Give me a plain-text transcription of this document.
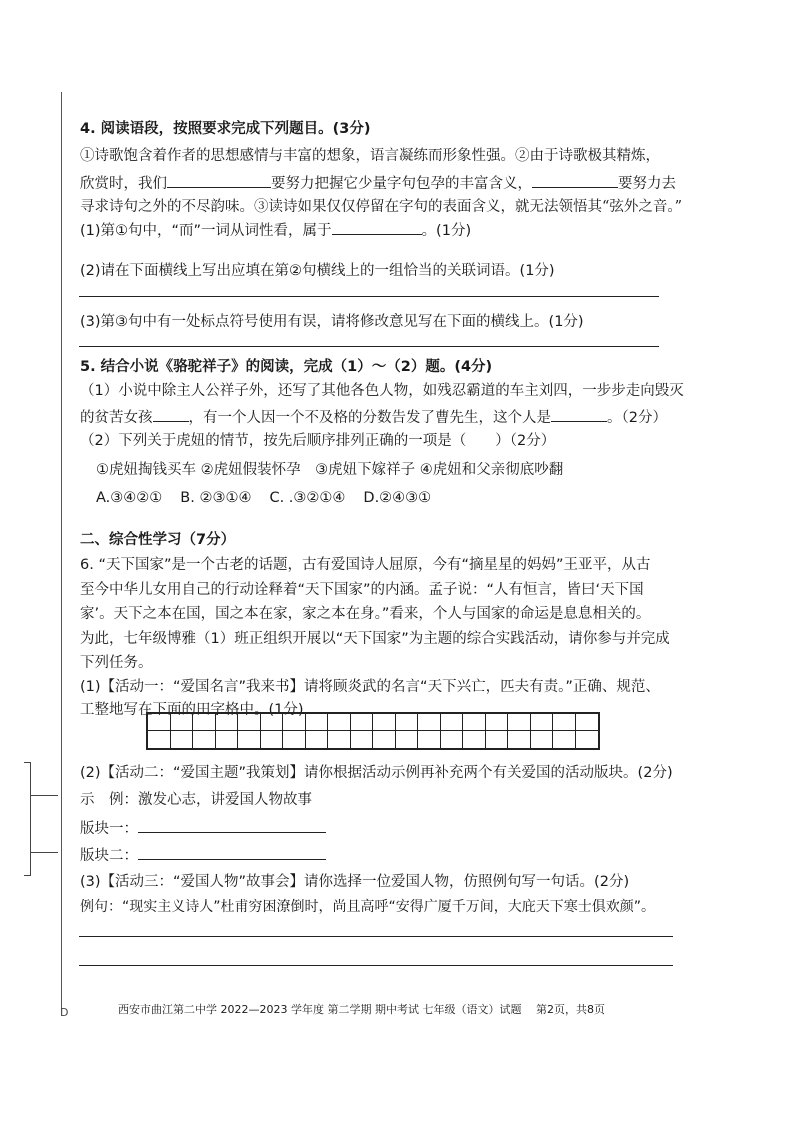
4. 阅读语段，按照要求完成下列题目。(3分)
①诗歌饱含着作者的思想感情与丰富的想象，语言凝练而形象性强。②由于诗歌极其精炼，
欣赏时，我们	要努力把握它少量字句包孕的丰富含义，	要努力去
寻求诗句之外的不尽韵味。③读诗如果仅仅停留在字句的表面含义，就无法领悟其“弦外之音。”
(1)第①句中，“而”一词从词性看，属于	。(1分)
(2)请在下面横线上写出应填在第②句横线上的一组恰当的关联词语。(1分)
(3)第③句中有一处标点符号使用有误，请将修改意见写在下面的横线上。(1分)
5. 结合小说《骆驼祥子》的阅读，完成（1）～（2）题。(4分)
（1）小说中除主人公祥子外，还写了其他各色人物，如残忍霸道的车主刘四，一步步走向毁灭
的贫苦女孩 ，有一个人因一个不及格的分数告发了曹先生，这个人是	。（2分）
（2）下列关于虎妞的情节，按先后顺序排列正确的一项是（　　）（2分）
①虎妞掏钱买车 ②虎妞假装怀孕　③虎妞下嫁祥子 ④虎妞和父亲彻底吵翻
A.③④②① B. ②③①④ C. .③②①④ D.②④③①
二、综合性学习（7分）
6. “天下国家”是一个古老的话题，古有爱国诗人屈原，今有“摘星星的妈妈”王亚平，从古
至今中华儿女用自己的行动诠释着“天下国家”的内涵。孟子说：“人有恒言，皆曰‘天下国
家’。天下之本在国，国之本在家，家之本在身。”看来，个人与国家的命运是息息相关的。
为此，七年级博雅（1）班正组织开展以“天下国家”为主题的综合实践活动，请你参与并完成
下列任务。
(1)【活动一：“爱国名言”我来书】请将顾炎武的名言“天下兴亡，匹夫有责。”正确、规范、
工整地写在下面的田字格中。(1分)
(2)【活动二：“爱国主题”我策划】请你根据活动示例再补充两个有关爱国的活动版块。(2分)
示　例：激发心志，讲爱国人物故事
版块一：
版块二：
(3)【活动三：“爱国人物”故事会】请你选择一位爱国人物，仿照例句写一句话。(2分)
例句：“现实主义诗人”杜甫穷困潦倒时，尚且高呼“安得广厦千万间，大庇天下寒士俱欢颜”。
D	西安市曲江第二中学 2022—2023 学年度 第二学期 期中考试 七年级（语文）试题　 第2页，共8页
